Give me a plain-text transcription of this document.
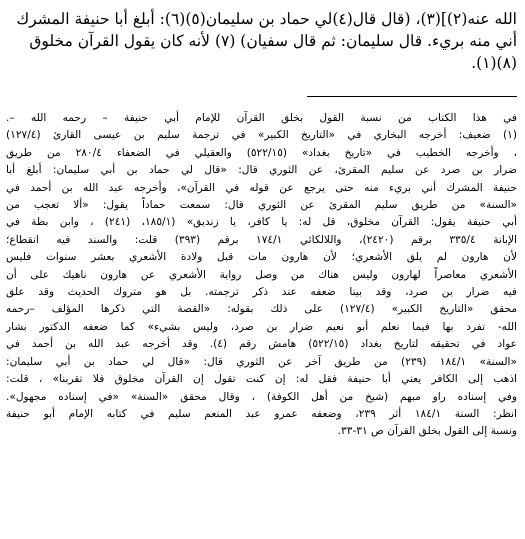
الله عنه(٢)](٣)، (قال قال(٤)لي حماد بن سليمان(٥)(٦): أبلغ أبا حنيفة المشرك
أني منه بريء. قال سليمان: ثم قال سفيان) (٧) لأنه كان يقول القرآن مخلوق
(٨)(١).
في هذا الكتاب من نسبة القول بخلق القرآن للإمام أبي حنيفة – رحمه الله –.
(١) ضعيف: أخرجه البخاري في «التاريخ الكبير» في ترجمة سليم بن عيسى القارئ (١٢٧/٤)
، وأخرجه الخطيب في «تاريخ بغداد» (٥٢٢/١٥) والعقيلي في الضعفاء ٢٨٠/٤ من طريق
ضرار بن صرد عن سليم المقرئ، عن الثوري قال: «قال لي حماد بن أبي سليمان: أبلغ أبا
حنيفة المشرك أني بريء منه حتى يرجع عن قوله في القرآن»، وأخرجه عبد الله بن أحمد في
«السنة» من طريق سليم المقرئ عن الثوري قال: سمعت حماداً يقول: «ألا تعجب من
أبي حنيفة يقول: القرآن مخلوق، قل له: يا كافر، يا زنديق» (١٨٥/١، (٢٤١) ، وابن بطة في
الإبانة ٣٣٥/٤ برقم (٢٤٢٠)، واللالكائي ١٧٤/١ برقم (٣٩٣) قلت: والسند فيه انقطاع؛
لأن هارون لم يلق الأشعري؛ لأن هارون مات قبل ولادة الأشعري بعشر سنوات فليس
الأشعري معاصراً لهارون وليس هناك من وصل رواية الأشعري عن هارون ناهيك على أن
فيه ضرار بن صرد، وقد بينا ضعفه عند ذكر ترجمته. بل هو متروك الحديث وقد علق
محقق «التاريخ الكبير» (١٢٧/٤) على ذلك بقوله: «القصة التي ذكرها المؤلف –رحمه
الله- تفرد بها فيما نعلم أبو نعيم ضرار بن صرد، وليس بشيء» كما ضعفه الدكتور بشار
عواد في تحقيقه لتاريخ بغداد (٥٢٢/١٥) هامش رقم (٤). وقد أخرجه عبد الله بن أحمد في
«السنة» ١٨٤/١ (٢٣٩) من طريق آخر عن الثوري قال: «قال لي حماد بن أبي سليمان:
اذهب إلى الكافر يعني أبا حنيفة فقل له: إن كنت تقول إن القرآن مخلوق فلا تقربنا» ، قلت:
وفي إسناده راو مبهم (شيخ من أهل الكوفة) ، وقال محقق «السنة» «في إسناده مجهول».
انظر: السنة ١٨٤/١ أثر ٢٣٩، وضعفه عمرو عبد المنعم سليم في كتابه الإمام أبو حنيفة
ونسبة إلى القول بخلق القرآن ص ٣١-٣٣.
